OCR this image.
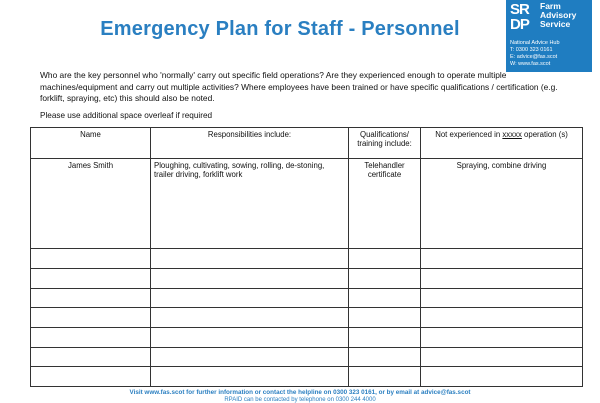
Emergency Plan for Staff - Personnel
SR
DP
Farm
Advisory
Service
National Advice Hub
T: 0300 323 0161
E: advice@fas.scot
W: www.fas.scot
Who are the key personnel who 'normally' carry out specific field operations? Are they experienced enough to operate multiple machines/equipment and carry out multiple activities? Where employees have been trained or have specific qualifications / certification (e.g. forklift, spraying, etc) this should also be noted.
Please use additional space overleaf if required
Name	Responsibilities include:	Qualifications/ training include:	Not experienced in xxxxx operation (s)
James Smith	Ploughing, cultivating, sowing, rolling, de-stoning, trailer driving, forklift work	Telehandler certificate	Spraying, combine driving

Visit www.fas.scot for further information or contact the helpline on 0300 323 0161, or by email at advice@fas.scot
RPAID can be contacted by telephone on 0300 244 4000
